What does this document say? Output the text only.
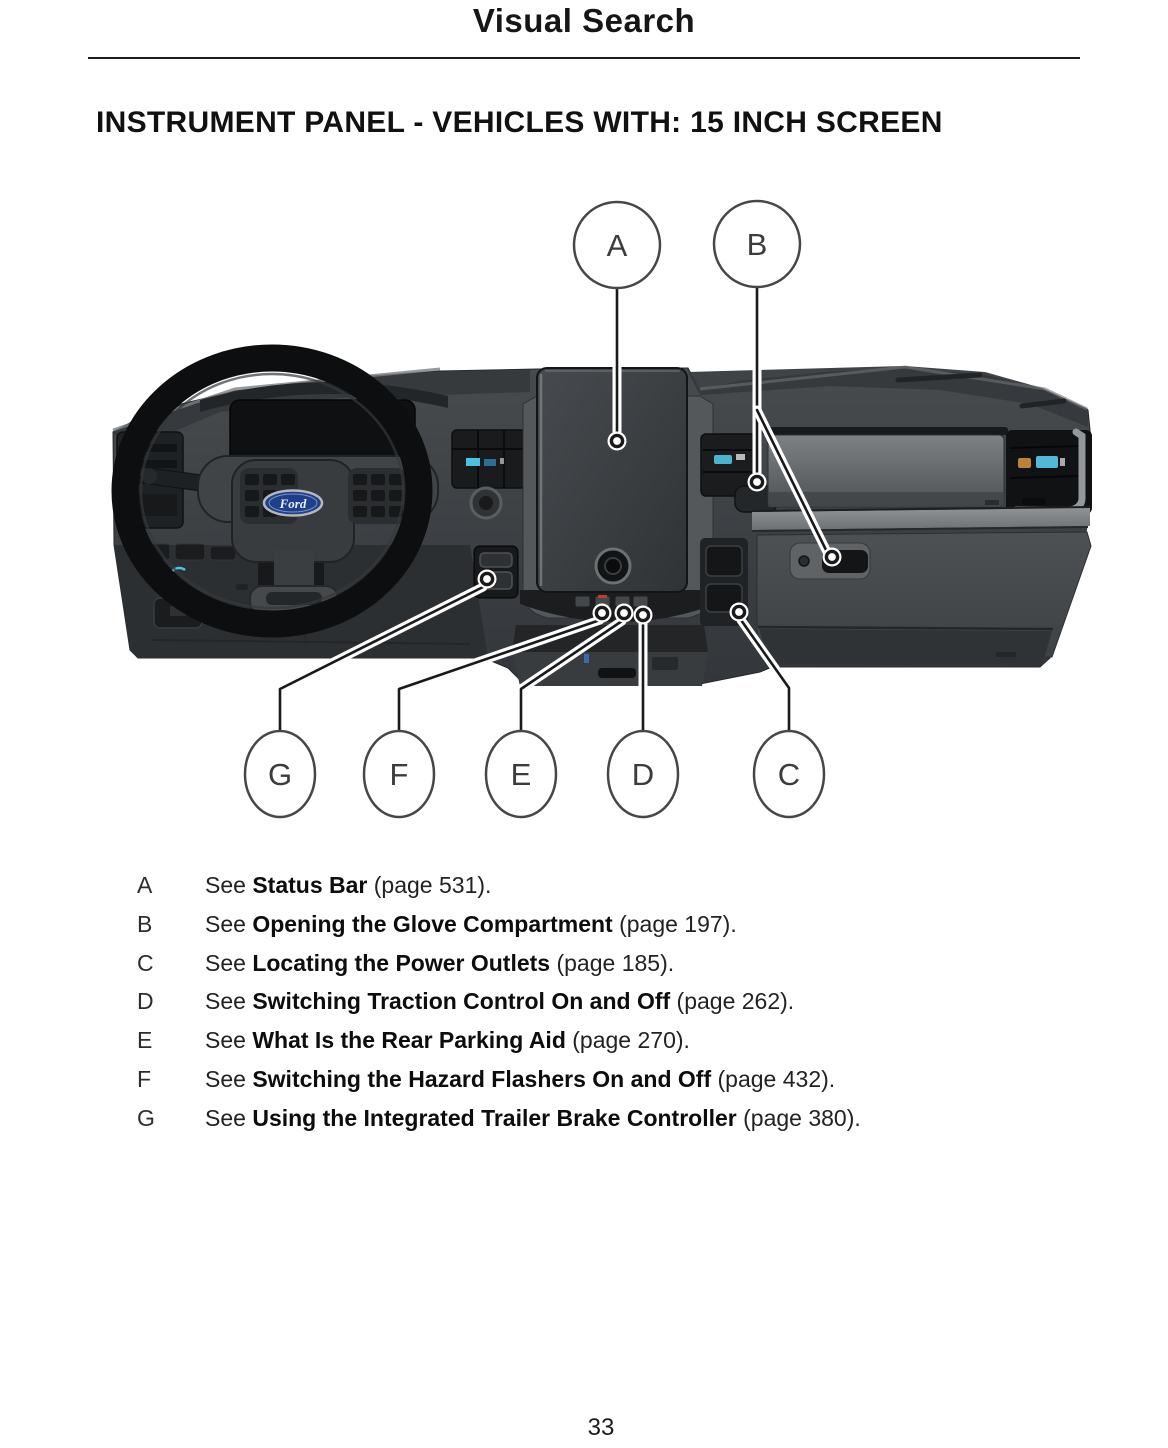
Visual Search
INSTRUMENT PANEL - VEHICLES WITH: 15 INCH SCREEN
Ford
A	B
G	F	E	D	C
A	See Status Bar (page 531).
B	See Opening the Glove Compartment (page 197).
C	See Locating the Power Outlets (page 185).
D	See Switching Traction Control On and Off (page 262).
E	See What Is the Rear Parking Aid (page 270).
F	See Switching the Hazard Flashers On and Off (page 432).
G	See Using the Integrated Trailer Brake Controller (page 380).
33
